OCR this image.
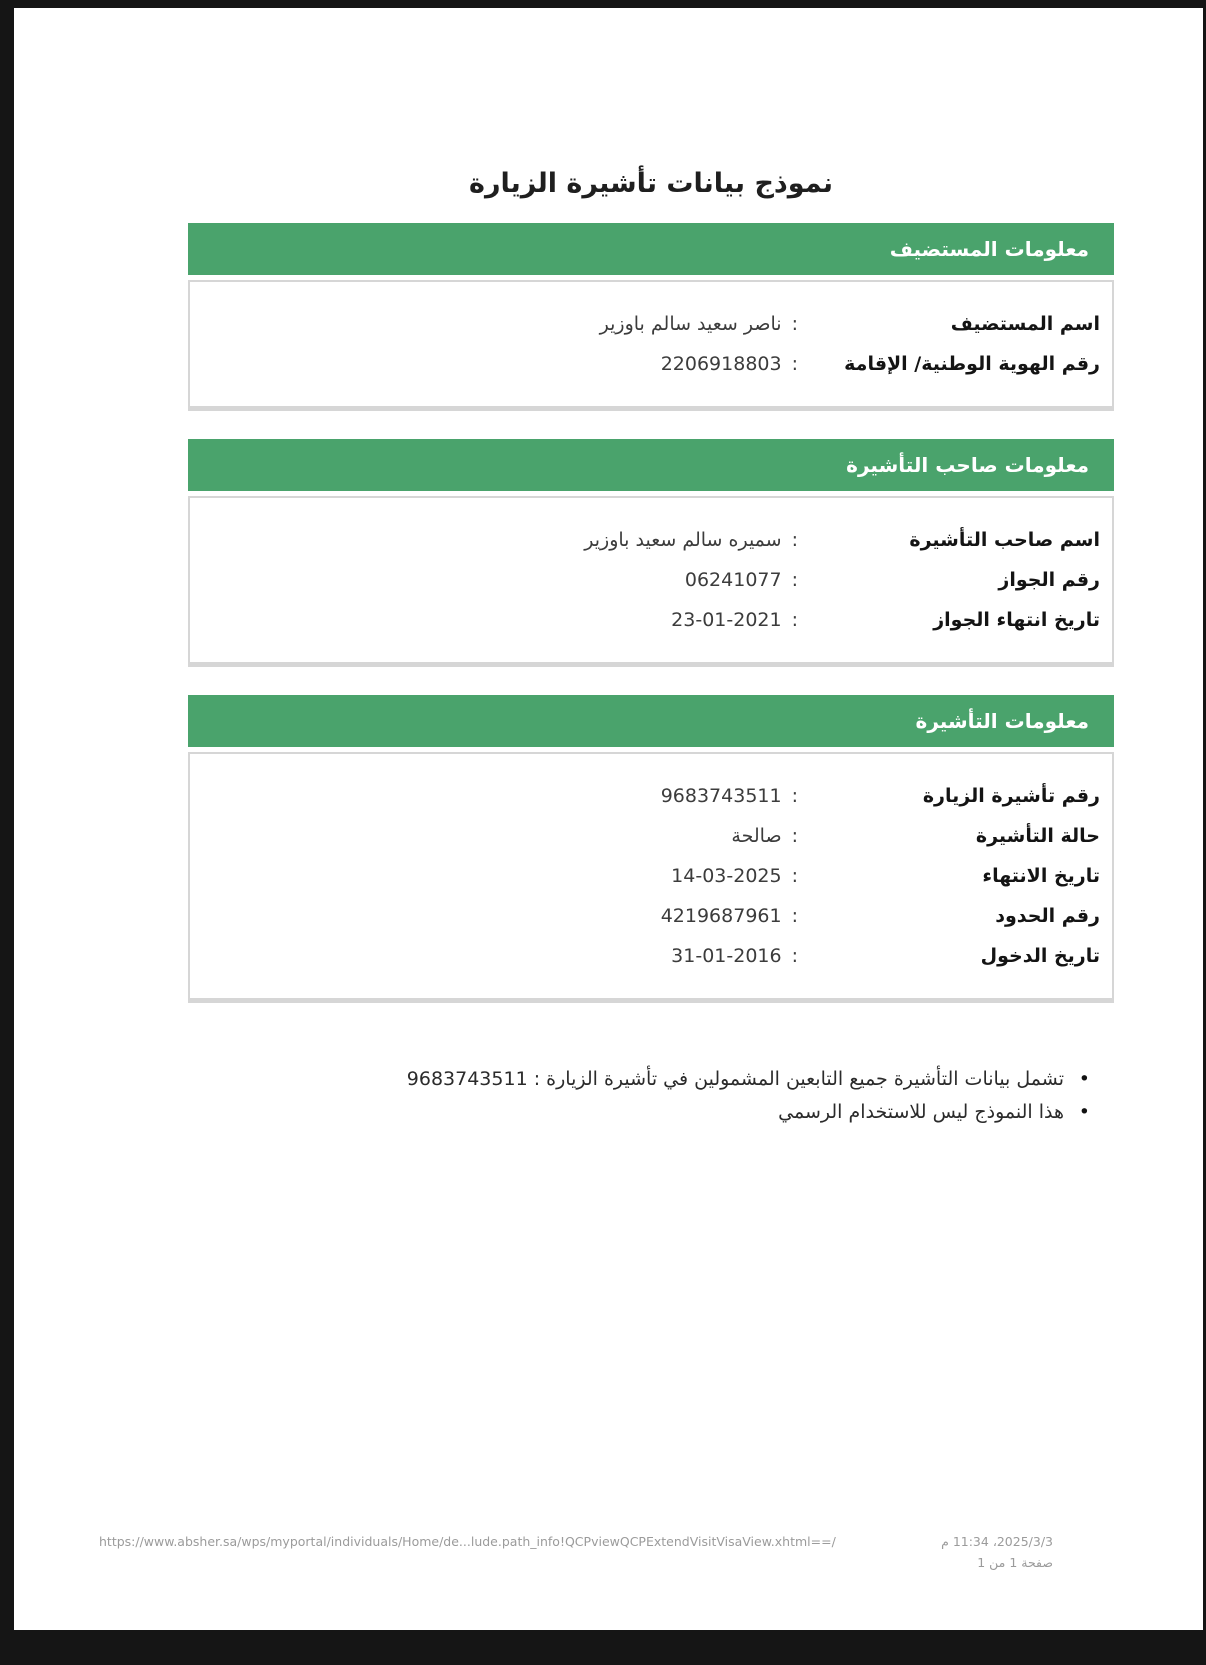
نموذج بيانات تأشيرة الزيارة
معلومات المستضيف
اسم المستضيف
:
ناصر سعيد سالم باوزير
رقم الهوية الوطنية/ الإقامة
:
2206918803
معلومات صاحب التأشيرة
اسم صاحب التأشيرة
:
سميره سالم سعيد باوزير
رقم الجواز
:
06241077
تاريخ انتهاء الجواز
:
23-01-2021
معلومات التأشيرة
رقم تأشيرة الزيارة
:
9683743511
حالة التأشيرة
:
صالحة
تاريخ الانتهاء
:
14-03-2025
رقم الحدود
:
4219687961
تاريخ الدخول
:
31-01-2016
•
تشمل بيانات التأشيرة جميع التابعين المشمولين في تأشيرة الزيارة : 9683743511
•
هذا النموذج ليس للاستخدام الرسمي
https://www.absher.sa/wps/myportal/individuals/Home/de...lude.path_info!QCPviewQCPExtendVisitVisaView.xhtml==/	2025/3/3، 11:34 م
صفحة 1 من 1
